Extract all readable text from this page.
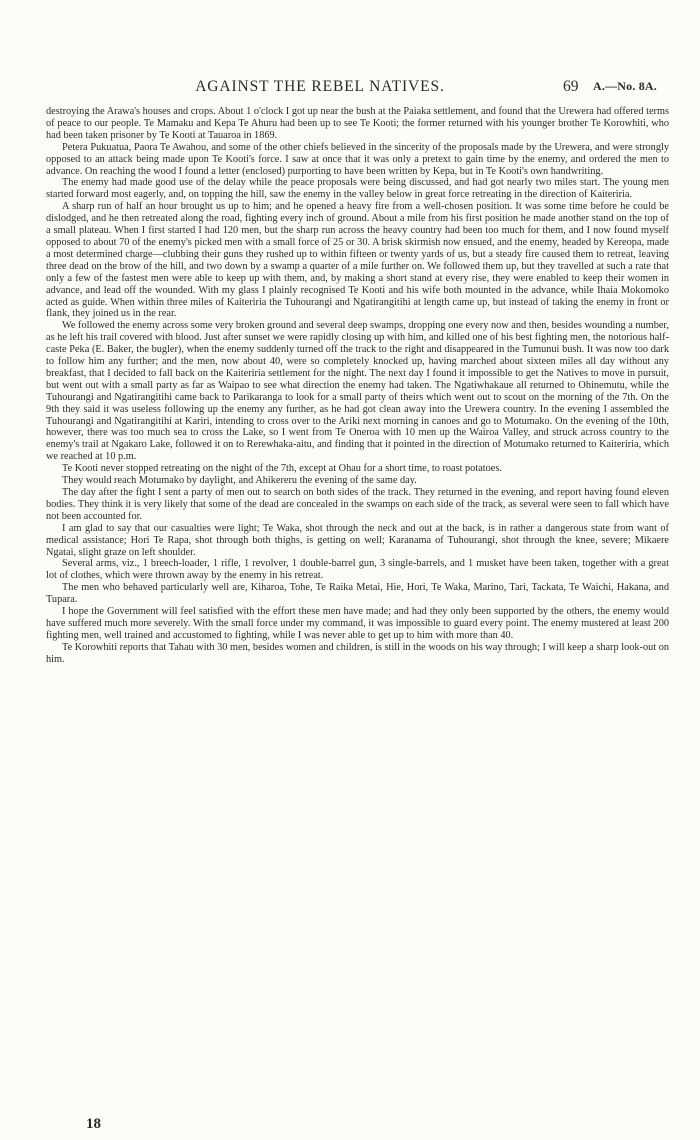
AGAINST THE REBEL NATIVES.	69 A.—No. 8A.

destroying the Arawa's houses and crops. About 1 o'clock I got up near the bush at the Paiaka settlement, and found that the Urewera had offered terms of peace to our people. Te Mamaku and Kepa Te Ahuru had been up to see Te Kooti; the former returned with his younger brother Te Korowhiti, who had been taken prisoner by Te Kooti at Tauaroa in 1869.

Petera Pukuatua, Paora Te Awahou, and some of the other chiefs believed in the sincerity of the proposals made by the Urewera, and were strongly opposed to an attack being made upon Te Kooti's force. I saw at once that it was only a pretext to gain time by the enemy, and ordered the men to advance. On reaching the wood I found a letter (enclosed) purporting to have been written by Kepa, but in Te Kooti's own handwriting.

The enemy had made good use of the delay while the peace proposals were being discussed, and had got nearly two miles start. The young men started forward most eagerly, and, on topping the hill, saw the enemy in the valley below in great force retreating in the direction of Kaiteriria.

A sharp run of half an hour brought us up to him; and he opened a heavy fire from a well-chosen position. It was some time before he could be dislodged, and he then retreated along the road, fighting every inch of ground. About a mile from his first position he made another stand on the top of a small plateau. When I first started I had 120 men, but the sharp run across the heavy country had been too much for them, and I now found myself opposed to about 70 of the enemy's picked men with a small force of 25 or 30. A brisk skirmish now ensued, and the enemy, headed by Kereopa, made a most determined charge—clubbing their guns they rushed up to within fifteen or twenty yards of us, but a steady fire caused them to retreat, leaving three dead on the brow of the hill, and two down by a swamp a quarter of a mile further on. We followed them up, but they travelled at such a rate that only a few of the fastest men were able to keep up with them, and, by making a short stand at every rise, they were enabled to keep their women in advance, and lead off the wounded. With my glass I plainly recognised Te Kooti and his wife both mounted in the advance, while Ihaia Mokomoko acted as guide. When within three miles of Kaiteriria the Tuhourangi and Ngatirangitihi at length came up, but instead of taking the enemy in front or flank, they joined us in the rear.

We followed the enemy across some very broken ground and several deep swamps, dropping one every now and then, besides wounding a number, as he left his trail covered with blood. Just after sunset we were rapidly closing up with him, and killed one of his best fighting men, the notorious half-caste Peka (E. Baker, the bugler), when the enemy suddenly turned off the track to the right and disappeared in the Tumunui bush. It was now too dark to follow him any further; and the men, now about 40, were so completely knocked up, having marched about sixteen miles all day without any breakfast, that I decided to fall back on the Kaiteriria settlement for the night. The next day I found it impossible to get the Natives to move in pursuit, but went out with a small party as far as Waipao to see what direction the enemy had taken. The Ngatiwhakaue all returned to Ohinemutu, while the Tuhourangi and Ngatirangitihi came back to Parikaranga to look for a small party of theirs which went out to scout on the morning of the 7th. On the 9th they said it was useless following up the enemy any further, as he had got clean away into the Urewera country. In the evening I assembled the Tuhourangi and Ngatirangitihi at Kariri, intending to cross over to the Ariki next morning in canoes and go to Motumako. On the evening of the 10th, however, there was too much sea to cross the Lake, so I went from Te Oneroa with 10 men up the Wairoa Valley, and struck across country to the enemy's trail at Ngakaro Lake, followed it on to Rerewhaka-aitu, and finding that it pointed in the direction of Motumako returned to Kaiteriria, which we reached at 10 p.m.

Te Kooti never stopped retreating on the night of the 7th, except at Ohau for a short time, to roast potatoes.

They would reach Motumako by daylight, and Ahikereru the evening of the same day.

The day after the fight I sent a party of men out to search on both sides of the track. They returned in the evening, and report having found eleven bodies. They think it is very likely that some of the dead are concealed in the swamps on each side of the track, as several were seen to fall which have not been accounted for.

I am glad to say that our casualties were light; Te Waka, shot through the neck and out at the back, is in rather a dangerous state from want of medical assistance; Hori Te Rapa, shot through both thighs, is getting on well; Karanama of Tuhourangi, shot through the knee, severe; Mikaere Ngatai, slight graze on left shoulder.

Several arms, viz., 1 breech-loader, 1 rifle, 1 revolver, 1 double-barrel gun, 3 single-barrels, and 1 musket have been taken, together with a great lot of clothes, which were thrown away by the enemy in his retreat.

The men who behaved particularly well are, Kiharoa, Tohe, Te Raika Metai, Hie, Hori, Te Waka, Marino, Tari, Tackata, Te Waichi, Hakana, and Tupara.

I hope the Government will feel satisfied with the effort these men have made; and had they only been supported by the others, the enemy would have suffered much more severely. With the small force under my command, it was impossible to guard every point. The enemy mustered at least 200 fighting men, well trained and accustomed to fighting, while I was never able to get up to him with more than 40.

Te Korowhiti reports that Tahau with 30 men, besides women and children, is still in the woods on his way through; I will keep a sharp look-out on him.

18
